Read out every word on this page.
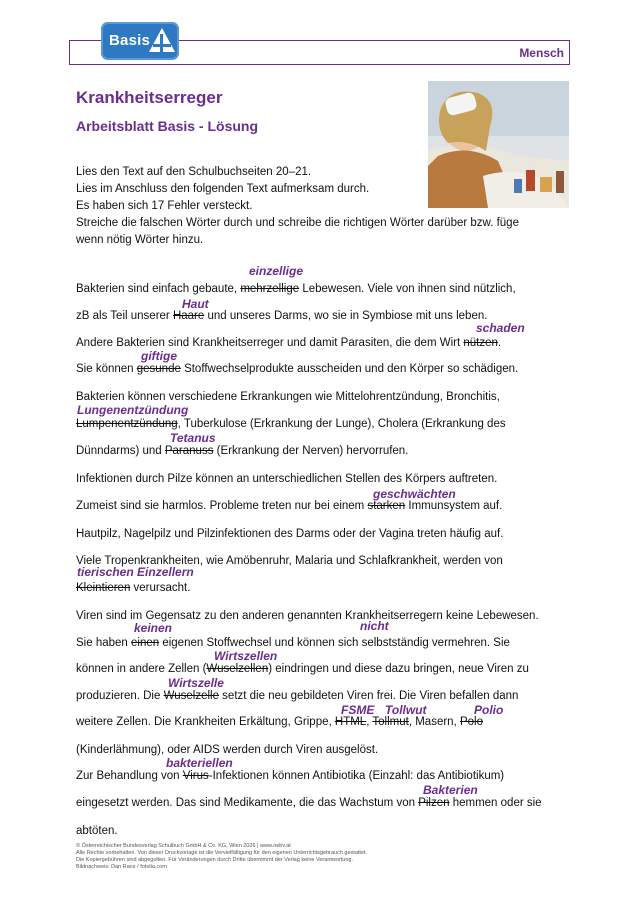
Basis
Mensch
Krankheitserreger
Arbeitsblatt Basis - Lösung
Lies den Text auf den Schulbuchseiten 20–21.
Lies im Anschluss den folgenden Text aufmerksam durch.
Es haben sich 17 Fehler versteckt.
Streiche die falschen Wörter durch und schreibe die richtigen Wörter darüber bzw. füge
wenn nötig Wörter hinzu.
einzellige
Bakterien sind einfach gebaute, mehrzellige Lebewesen. Viele von ihnen sind nützlich,
Haut
zB als Teil unserer Haare und unseres Darms, wo sie in Symbiose mit uns leben.
schaden
Andere Bakterien sind Krankheitserreger und damit Parasiten, die dem Wirt nützen.
giftige
Sie können gesunde Stoffwechselprodukte ausscheiden und den Körper so schädigen.
Bakterien können verschiedene Erkrankungen wie Mittelohrentzündung, Bronchitis,
Lungenentzündung
Lumpenentzündung, Tuberkulose (Erkrankung der Lunge), Cholera (Erkrankung des
Tetanus
Dünndarms) und Paranuss (Erkrankung der Nerven) hervorrufen.
Infektionen durch Pilze können an unterschiedlichen Stellen des Körpers auftreten.
geschwächten
Zumeist sind sie harmlos. Probleme treten nur bei einem starken Immunsystem auf.
Hautpilz, Nagelpilz und Pilzinfektionen des Darms oder der Vagina treten häufig auf.
Viele Tropenkrankheiten, wie Amöbenruhr, Malaria und Schlafkrankheit, werden von
tierischen Einzellern
Kleintieren verursacht.
Viren sind im Gegensatz zu den anderen genannten Krankheitserregern keine Lebewesen.
keinen	nicht
Sie haben einen eigenen Stoffwechsel und können sich selbstständig vermehren. Sie
Wirtszellen
können in andere Zellen (Wuselzellen) eindringen und diese dazu bringen, neue Viren zu
Wirtszelle
produzieren. Die Wuselzelle setzt die neu gebildeten Viren frei. Die Viren befallen dann
FSME Tollwut	Polio
weitere Zellen. Die Krankheiten Erkältung, Grippe, HTML, Tollmut, Masern, Polo
(Kinderlähmung), oder AIDS werden durch Viren ausgelöst.
bakteriellen
Zur Behandlung von Virus-Infektionen können Antibiotika (Einzahl: das Antibiotikum)
Bakterien
eingesetzt werden. Das sind Medikamente, die das Wachstum von Pilzen hemmen oder sie
abtöten.
© Österreichischer Bundesverlag Schulbuch GmbH & Co. KG, Wien 2026 | www.oebv.at
Alle Rechte vorbehalten. Von dieser Druckvorlage ist die Vervielfältigung für den eigenen Unterrichtsgebrauch gestattet.
Die Kopiergebühren sind abgegolten. Für Veränderungen durch Dritte übernimmt der Verlag keine Verantwortung.
Bildnachweis: Dan Race / fotolia.com
